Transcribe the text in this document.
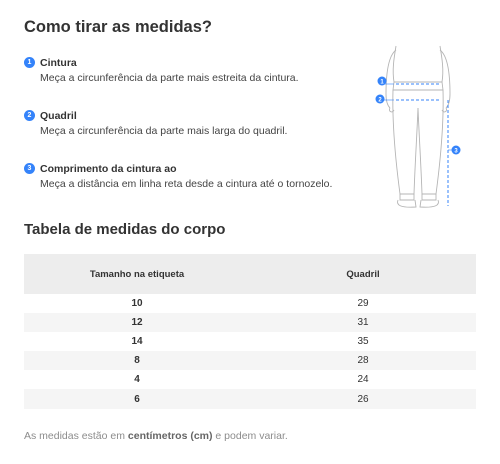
Como tirar as medidas?
1 Cintura
Meça a circunferência da parte mais estreita da cintura.
2 Quadril
Meça a circunferência da parte mais larga do quadril.
3 Comprimento da cintura ao
Meça a distância em linha reta desde a cintura até o tornozelo.
1
2
3
Tabela de medidas do corpo
Tamanho na etiqueta	Quadril
10	29
12	31
14	35
8	28
4	24
6	26
As medidas estão em centímetros (cm) e podem variar.
